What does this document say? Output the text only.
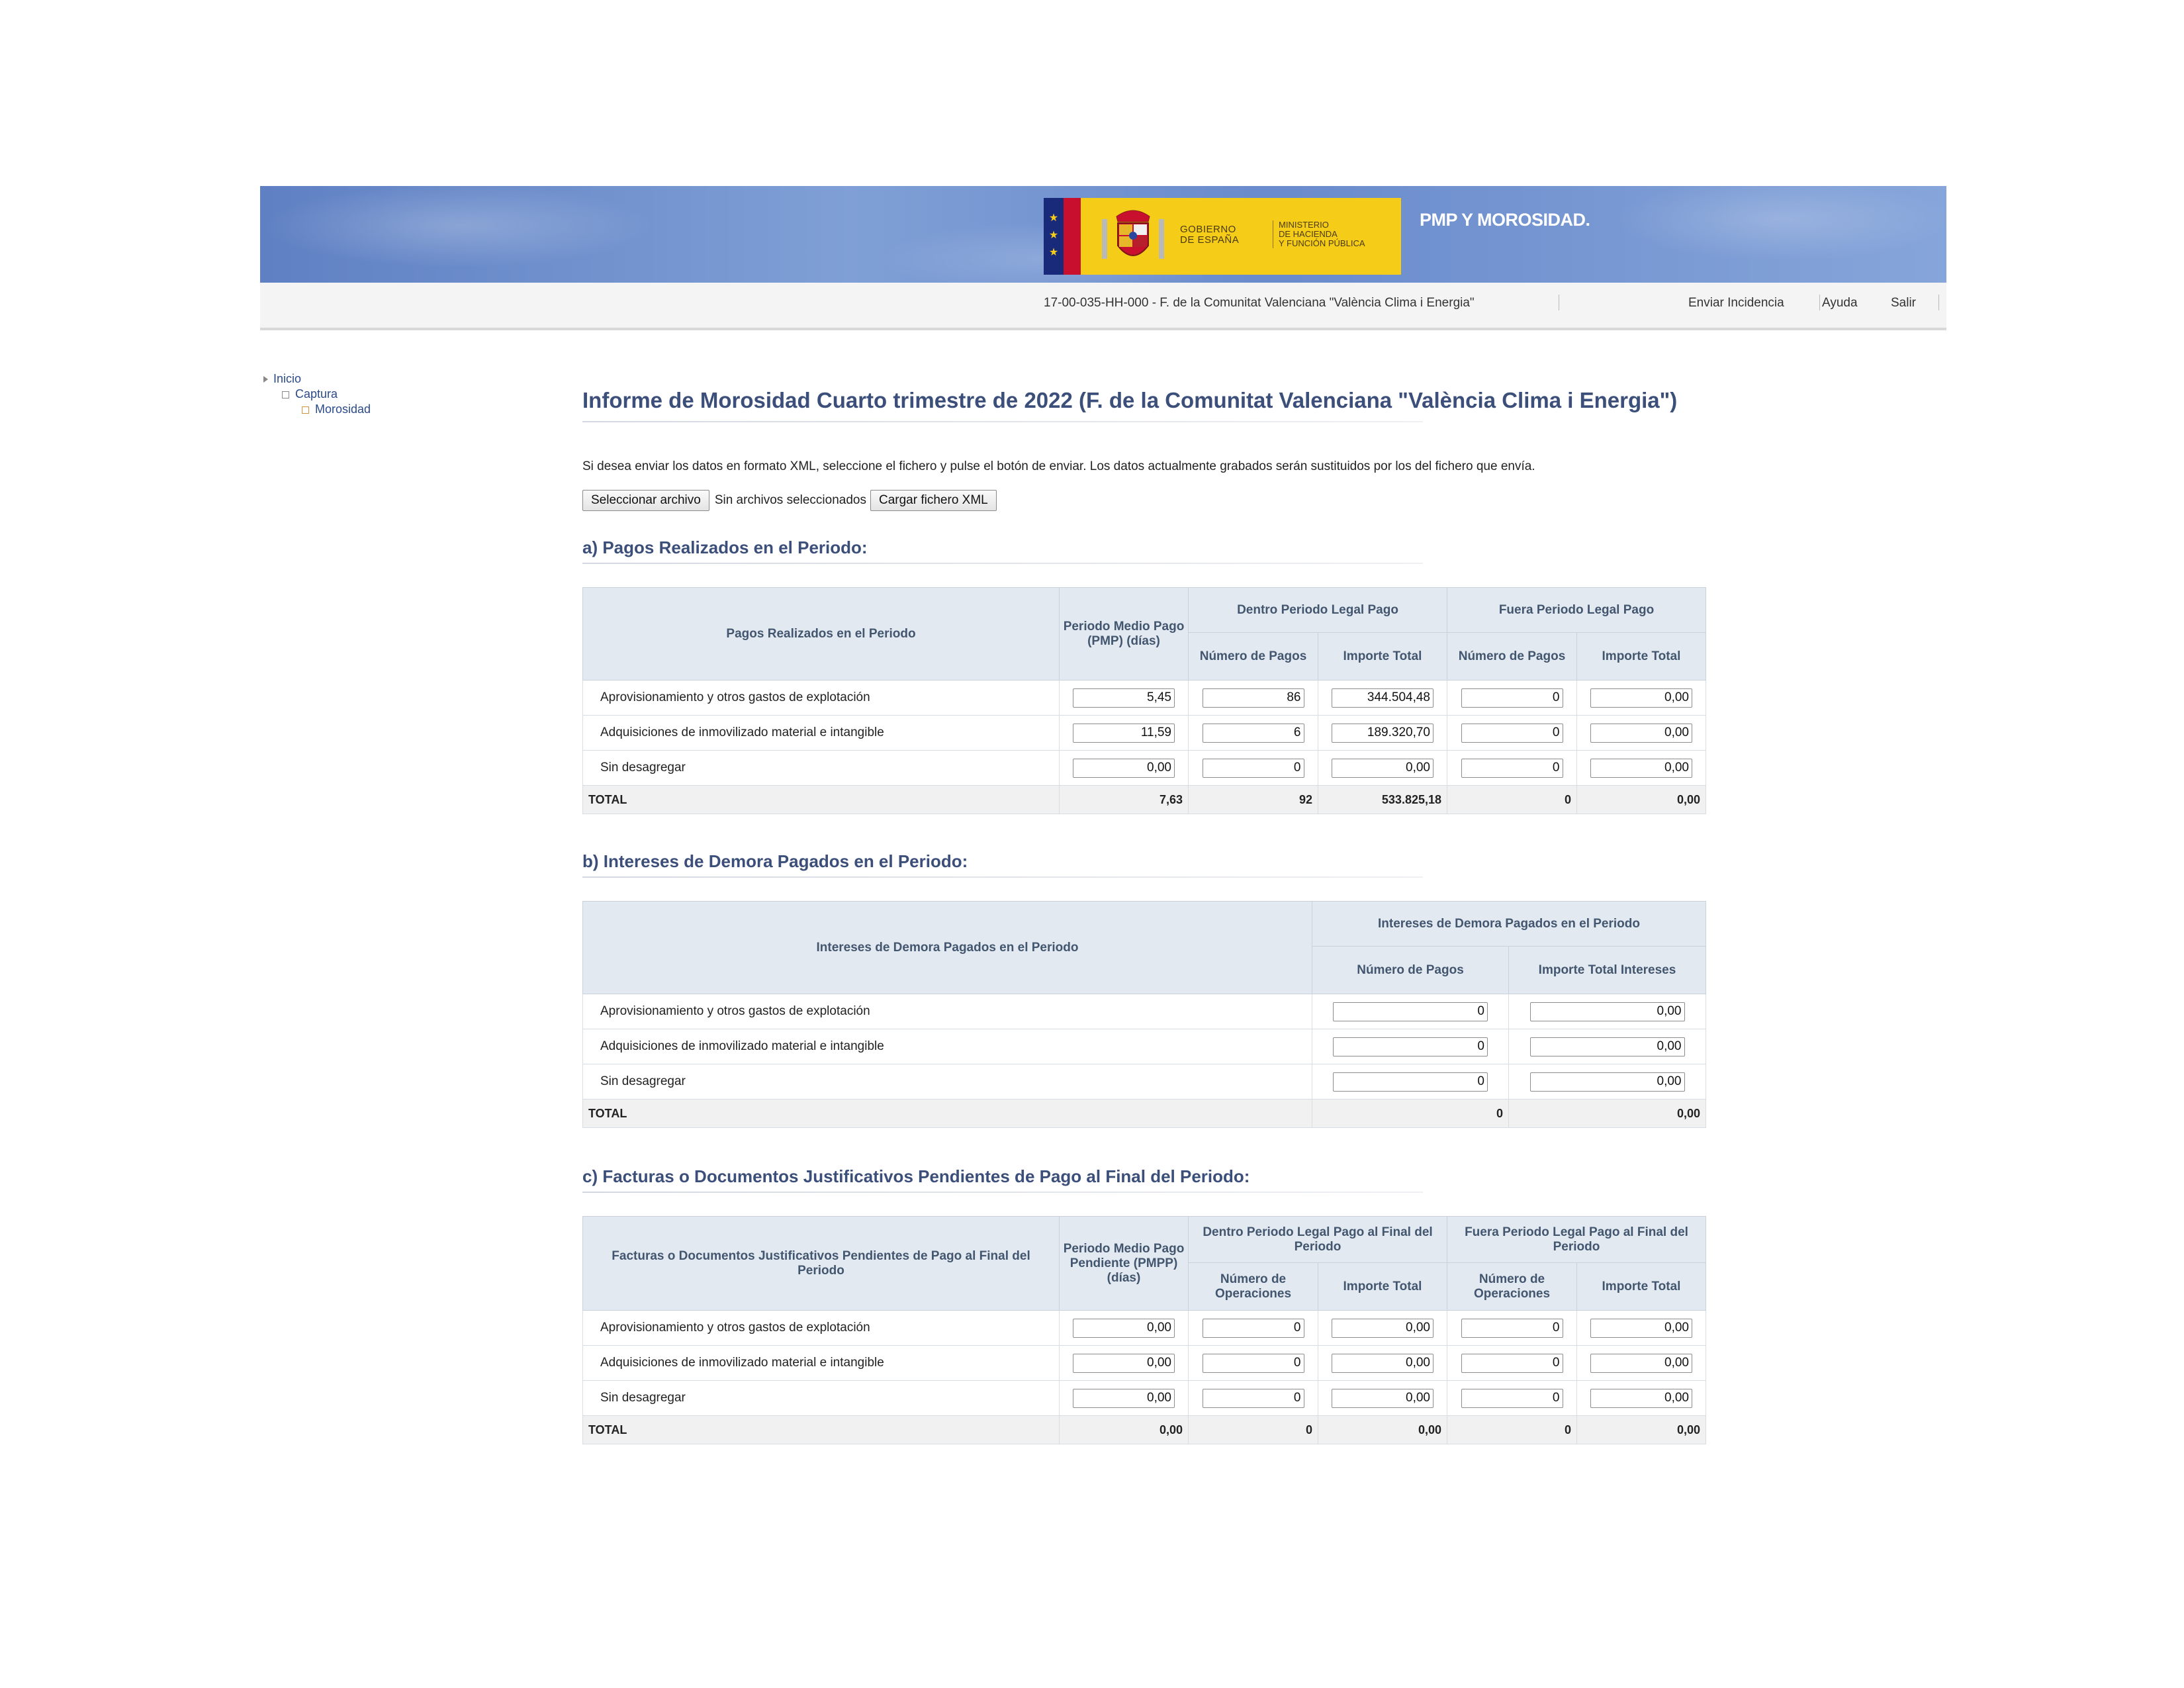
★
★
★
GOBIERNO
DE ESPAÑA
MINISTERIO
DE HACIENDA
Y FUNCIÓN PÚBLICA
PMP Y MOROSIDAD.
17-00-035-HH-000 - F. de la Comunitat Valenciana "València Clima i Energia"	Enviar Incidencia	Ayuda	Salir
Inicio
Captura
Morosidad	Informe de Morosidad Cuarto trimestre de 2022 (F. de la Comunitat Valenciana "València Clima i Energia")
Si desea enviar los datos en formato XML, seleccione el fichero y pulse el botón de enviar. Los datos actualmente grabados serán sustituidos por los del fichero que envía.
Seleccionar archivo	Sin archivos seleccionados	Cargar fichero XML
a) Pagos Realizados en el Periodo:
Pagos Realizados en el Periodo	Periodo Medio Pago (PMP) (días)	Dentro Periodo Legal Pago		Fuera Periodo Legal Pago	
		Número de Pagos	Importe Total	Número de Pagos	Importe Total
Aprovisionamiento y otros gastos de explotación	5,45	86	344.504,48	0	0,00
Adquisiciones de inmovilizado material e intangible	11,59	6	189.320,70	0	0,00
Sin desagregar	0,00	0	0,00	0	0,00
TOTAL	7,63	92	533.825,18	0	0,00
b) Intereses de Demora Pagados en el Periodo:
Intereses de Demora Pagados en el Periodo	Intereses de Demora Pagados en el Periodo	
	Número de Pagos	Importe Total Intereses
Aprovisionamiento y otros gastos de explotación	0	0,00
Adquisiciones de inmovilizado material e intangible	0	0,00
Sin desagregar	0	0,00
TOTAL	0	0,00
c) Facturas o Documentos Justificativos Pendientes de Pago al Final del Periodo:
Facturas o Documentos Justificativos Pendientes de Pago al Final del Periodo	Periodo Medio Pago Pendiente (PMPP) (días)	Dentro Periodo Legal Pago al Final del Periodo		Fuera Periodo Legal Pago al Final del Periodo	
		Número de Operaciones	Importe Total	Número de Operaciones	Importe Total
Aprovisionamiento y otros gastos de explotación	0,00	0	0,00	0	0,00
Adquisiciones de inmovilizado material e intangible	0,00	0	0,00	0	0,00
Sin desagregar	0,00	0	0,00	0	0,00
TOTAL	0,00	0	0,00	0	0,00
